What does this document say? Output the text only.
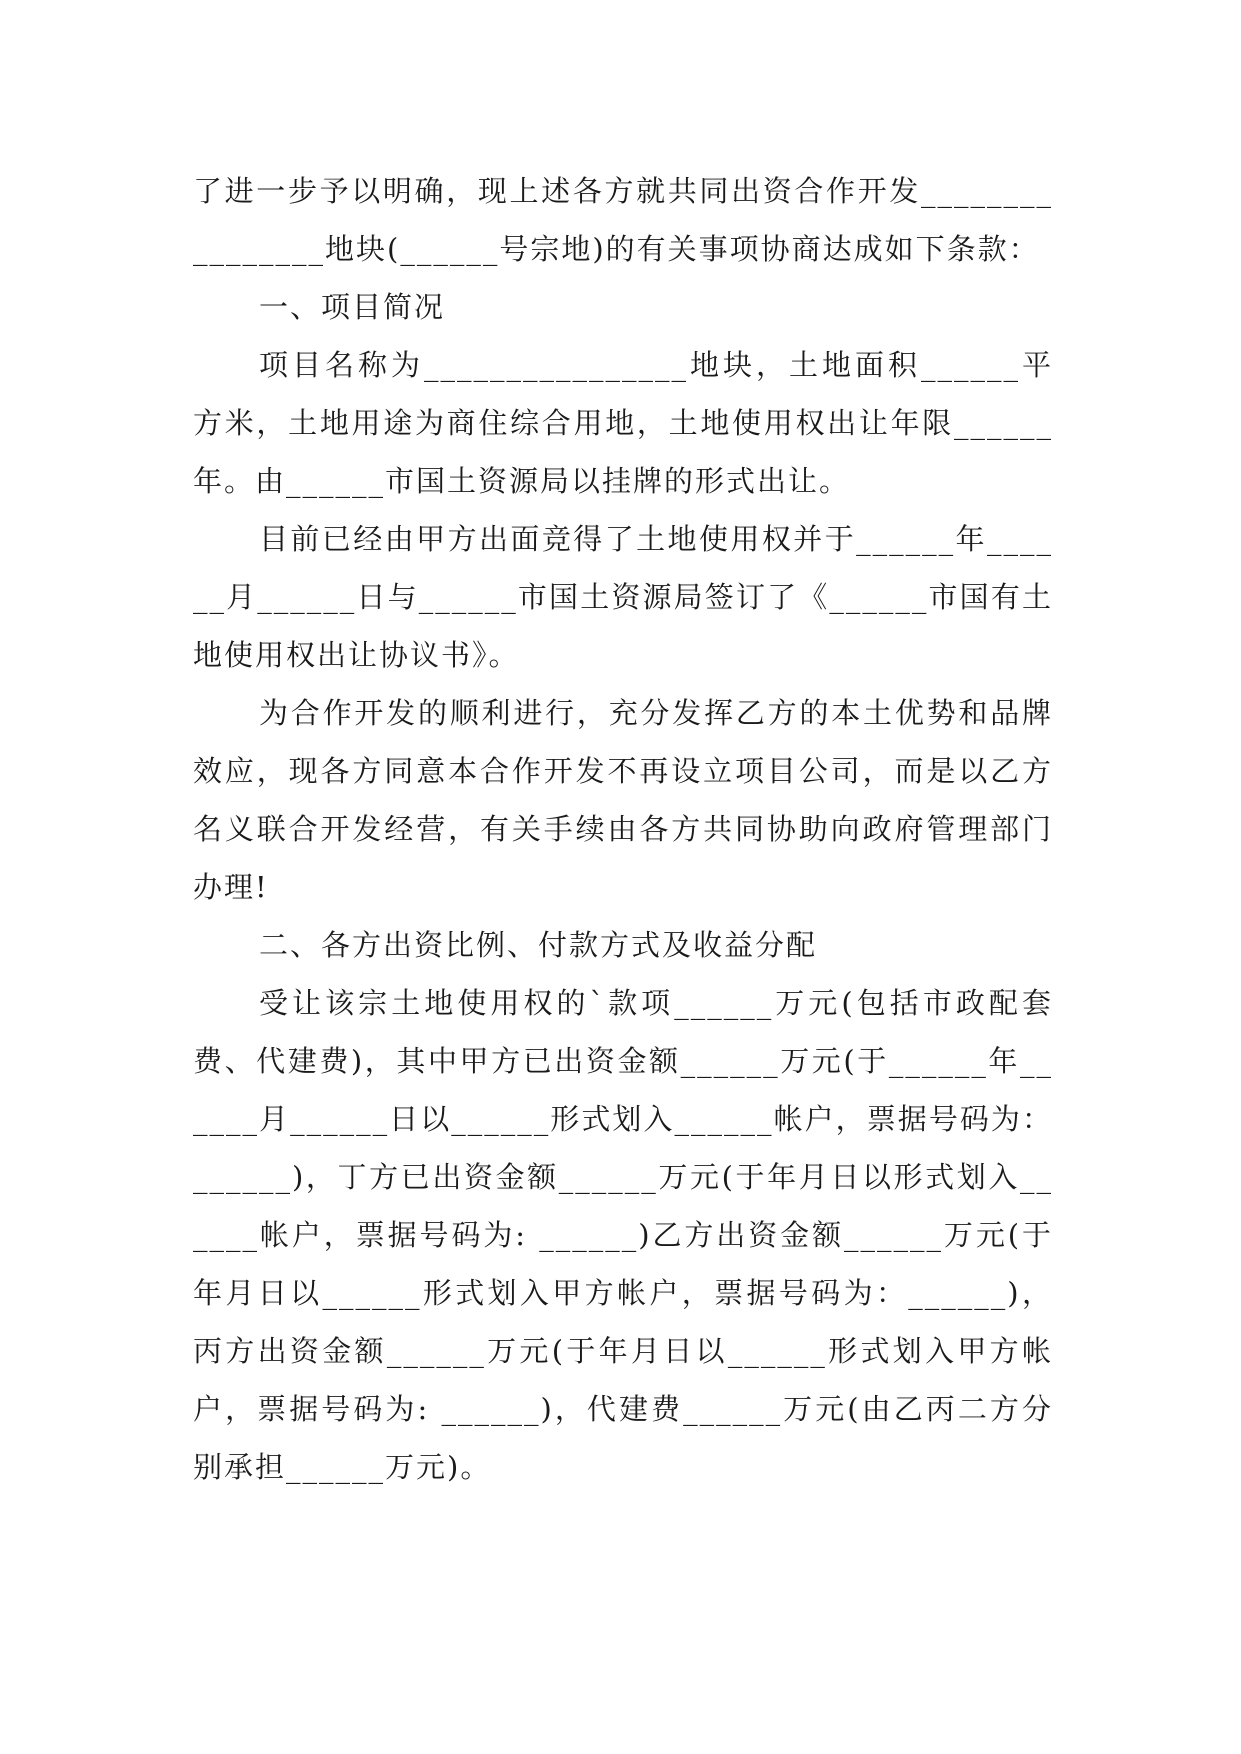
了进一步予以明确，现上述各方就共同出资合作开发________________地块(______号宗地)的有关事项协商达成如下条款：

一、项目简况

项目名称为________________地块，土地面积______平方米，土地用途为商住综合用地，土地使用权出让年限______年。由______市国土资源局以挂牌的形式出让。

目前已经由甲方出面竞得了土地使用权并于______年______月______日与______市国土资源局签订了《______市国有土地使用权出让协议书》。

为合作开发的顺利进行，充分发挥乙方的本土优势和品牌效应，现各方同意本合作开发不再设立项目公司，而是以乙方名义联合开发经营，有关手续由各方共同协助向政府管理部门办理!

二、各方出资比例、付款方式及收益分配

受让该宗土地使用权的`款项______万元(包括市政配套费、代建费)，其中甲方已出资金额______万元(于______年______月______日以______形式划入______帐户，票据号码为：______)，丁方已出资金额______万元(于年月日以形式划入______帐户，票据号码为: ______)乙方出资金额______万元(于年月日以______形式划入甲方帐户，票据号码为：______)，丙方出资金额______万元(于年月日以______形式划入甲方帐户，票据号码为: ______)，代建费______万元(由乙丙二方分别承担______万元)。
